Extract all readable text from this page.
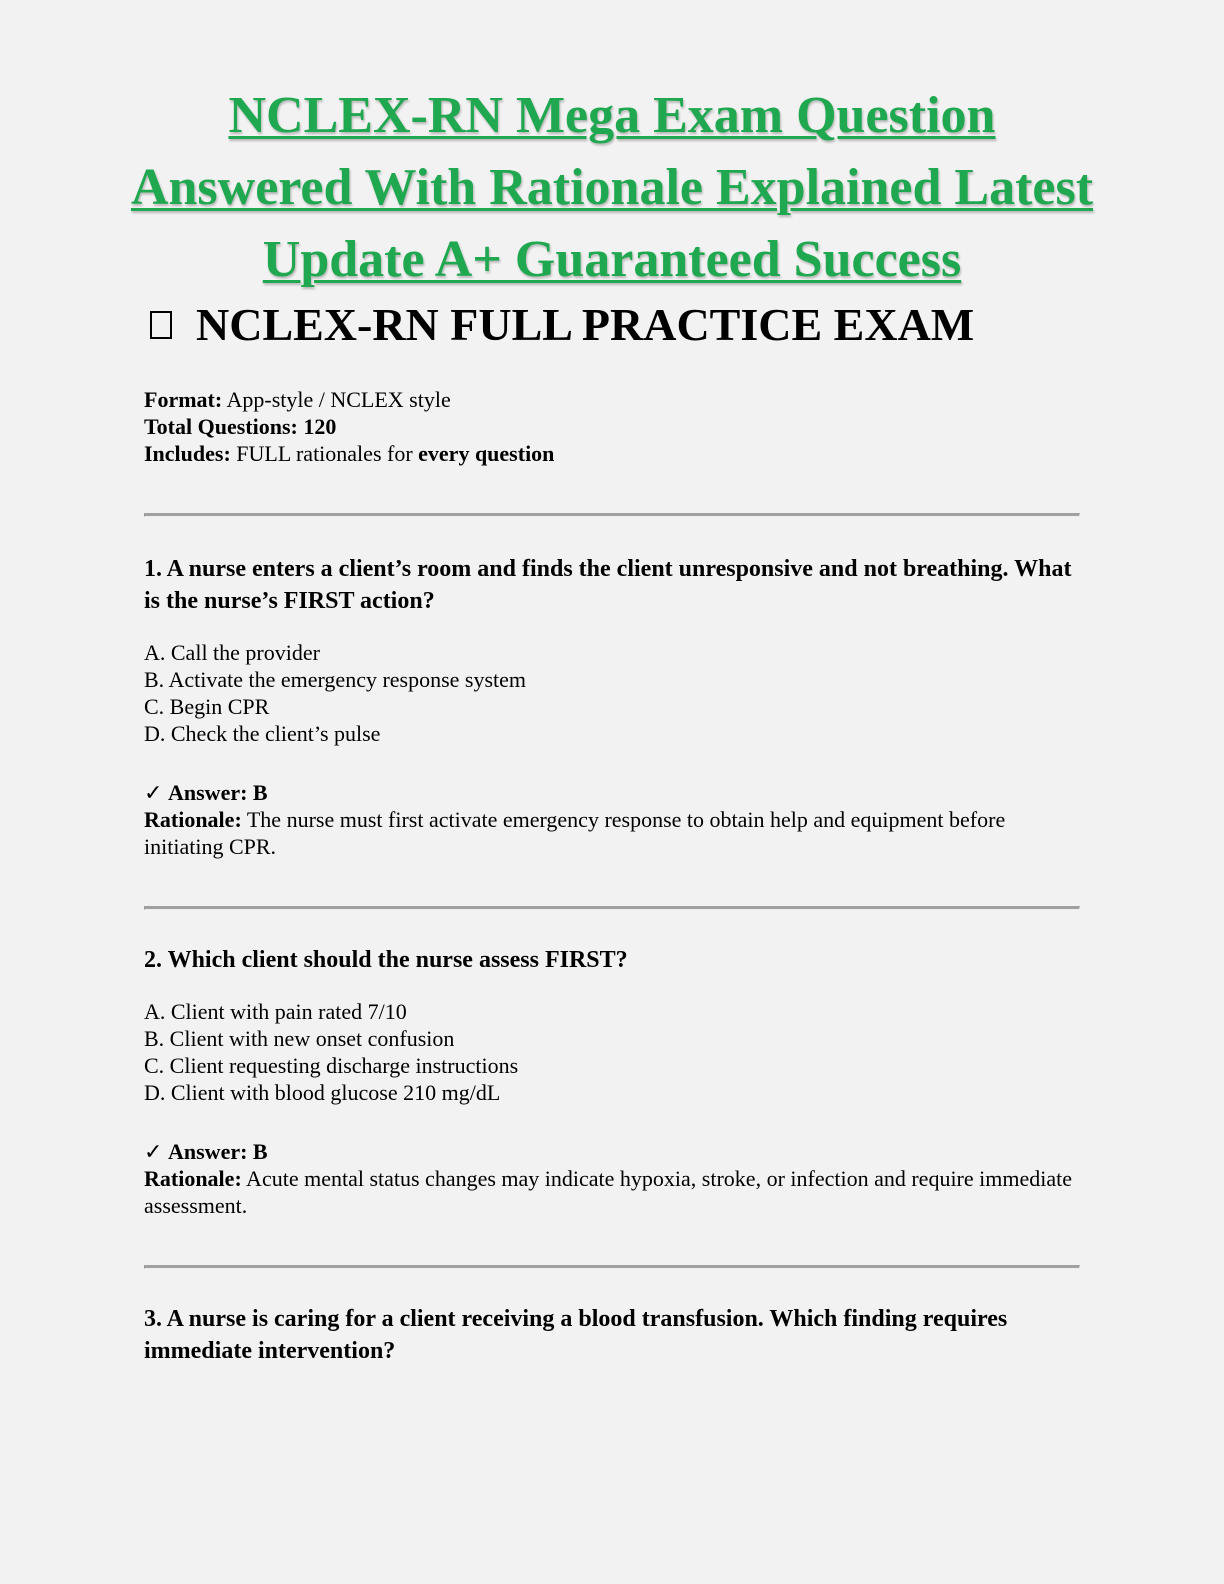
NCLEX-RN Mega Exam Question Answered With Rationale Explained Latest Update A+ Guaranteed Success
NCLEX-RN FULL PRACTICE EXAM
Format: App-style / NCLEX style
Total Questions: 120
Includes: FULL rationales for every question

1. A nurse enters a client’s room and finds the client unresponsive and not breathing. What is the nurse’s FIRST action?

A. Call the provider
B. Activate the emergency response system
C. Begin CPR
D. Check the client’s pulse
✓ Answer: B
Rationale: The nurse must first activate emergency response to obtain help and equipment before initiating CPR.

2. Which client should the nurse assess FIRST?

A. Client with pain rated 7/10
B. Client with new onset confusion
C. Client requesting discharge instructions
D. Client with blood glucose 210 mg/dL
✓ Answer: B
Rationale: Acute mental status changes may indicate hypoxia, stroke, or infection and require immediate assessment.

3. A nurse is caring for a client receiving a blood transfusion. Which finding requires immediate intervention?
